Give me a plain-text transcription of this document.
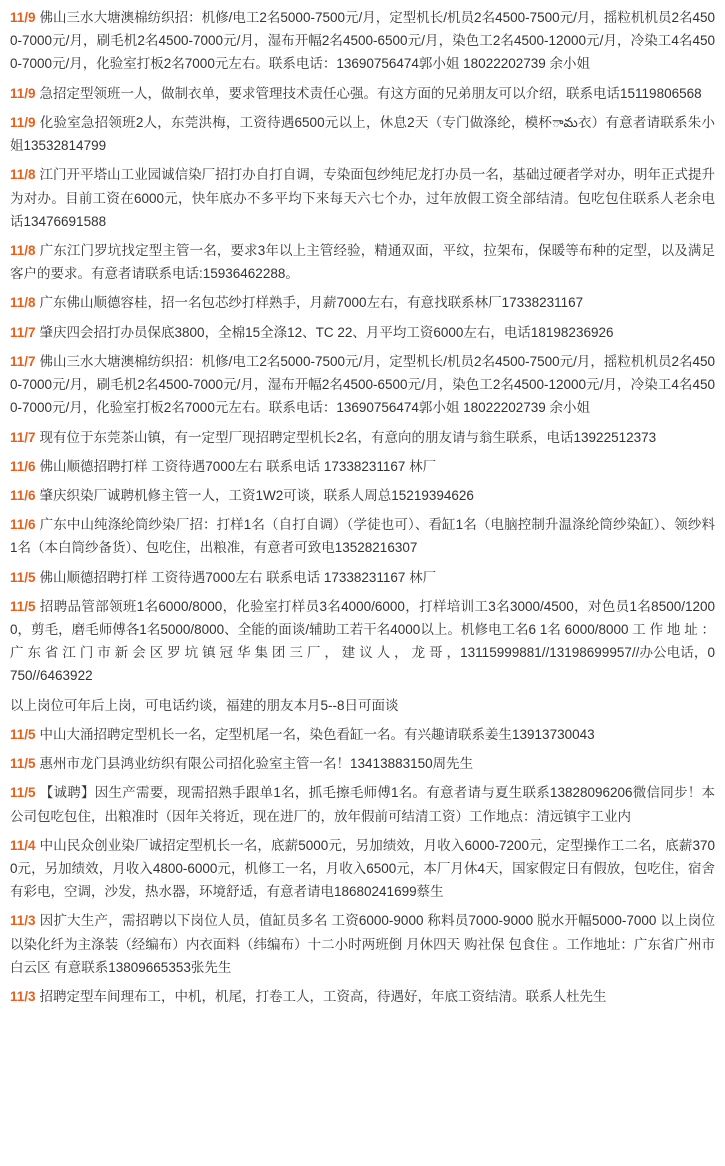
11/9 佛山三水大塘澳棉纺织招：机修/电工2名5000-7500元/月，定型机长/机员2名4500-7500元/月，摇粒机机员2名4500-7000元/月，刷毛机2名4500-7000元/月，湿布开幅2名4500-6500元/月，染色工2名4500-12000元/月，冷染工4名4500-7000元/月，化验室打板2名7000元左右。联系电话：13690756474郭小姐 18022202739 余小姐

11/9 急招定型领班一人，做制衣单，要求管理技术责任心强。有这方面的兄弟朋友可以介绍，联系电话15119806568

11/9 化验室急招领班2人，东莞洪梅，工资待遇6500元以上，休息2天（专门做涤纶，模杯ామ衣）有意者请联系朱小姐13532814799

11/8 江门开平塔山工业园诚信染厂招打办自打自调，专染面包纱纯尼龙打办员一名，基础过硬者学对办，明年正式提升为对办。目前工资在6000元，快年底办不多平均下来每天六七个办，过年放假工资全部结清。包吃包住联系人老余电话13476691588

11/8 广东江门罗坑找定型主管一名，要求3年以上主管经验，精通双面，平纹，拉架布，保暖等布种的定型，以及满足客户的要求。有意者请联系电话:15936462288。

11/8 广东佛山顺德容桂，招一名包芯纱打样熟手，月薪7000左右，有意找联系林厂17338231167

11/7 肇庆四会招打办员保底3800，全棉15全涤12、TC 22、月平均工资6000左右，电话18198236926

11/7 佛山三水大塘澳棉纺织招：机修/电工2名5000-7500元/月，定型机长/机员2名4500-7500元/月，摇粒机机员2名4500-7000元/月，刷毛机2名4500-7000元/月，湿布开幅2名4500-6500元/月，染色工2名4500-12000元/月，冷染工4名4500-7000元/月，化验室打板2名7000元左右。联系电话：13690756474郭小姐 18022202739 余小姐

11/7 现有位于东莞茶山镇，有一定型厂现招聘定型机长2名，有意向的朋友请与翁生联系，电话13922512373

11/6 佛山顺德招聘打样 工资待遇7000左右 联系电话 17338231167 林厂

11/6 肇庆织染厂诚聘机修主管一人，工资1W2可谈，联系人周总15219394626

11/6 广东中山纯涤纶筒纱染厂招：打样1名（自打自调）（学徒也可）、看缸1名（电脑控制升温涤纶筒纱染缸）、领纱料1名（本白筒纱备货）、包吃住，出粮准，有意者可致电13528216307

11/5 佛山顺德招聘打样 工资待遇7000左右 联系电话 17338231167 林厂

11/5 招聘品管部领班1名6000/8000，化验室打样员3名4000/6000，打样培训工3名3000/4500，对色员1名8500/12000，剪毛，磨毛师傅各1名5000/8000、全能的面谈/辅助工若干名4000以上。机修电工名6 1名 6000/8000 工 作 地 址 ： 广 东 省 江 门 市 新 会 区 罗 坑 镇 冠 华 集 团 三 厂 ， 建 议 人 ， 龙 哥 ，13115999881//13198699957//办公电话，0750//6463922

以上岗位可年后上岗，可电话约谈，福建的朋友本月5--8日可面谈

11/5 中山大涌招聘定型机长一名，定型机尾一名，染色看缸一名。有兴趣请联系姜生13913730043

11/5 惠州市龙门县鸿业纺织有限公司招化验室主管一名！13413883150周先生

11/5 【诚聘】因生产需要，现需招熟手跟单1名，抓毛擦毛师傅1名。有意者请与夏生联系13828096206微信同步！本公司包吃包住，出粮准时（因年关将近，现在进厂的，放年假前可结清工资）工作地点：清远镇宇工业内

11/4 中山民众创业染厂诚招定型机长一名，底薪5000元，另加绩效，月收入6000-7200元，定型操作工二名，底薪3700元，另加绩效，月收入4800-6000元，机修工一名，月收入6500元，本厂月休4天，国家假定日有假放，包吃住，宿舍有彩电，空调，沙发，热水器，环境舒适，有意者请电18680241699蔡生

11/3 因扩大生产，需招聘以下岗位人员，值缸员多名 工资6000-9000 称料员7000-9000 脱水开幅5000-7000 以上岗位 以染化纤为主涤装（经编布）内衣面料（纬编布）十二小时两班倒 月休四天 购社保 包食住 。工作地址：广东省广州市白云区 有意联系13809665353张先生

11/3 招聘定型车间理布工，中机，机尾，打卷工人，工资高，待遇好，年底工资结清。联系人杜先生
